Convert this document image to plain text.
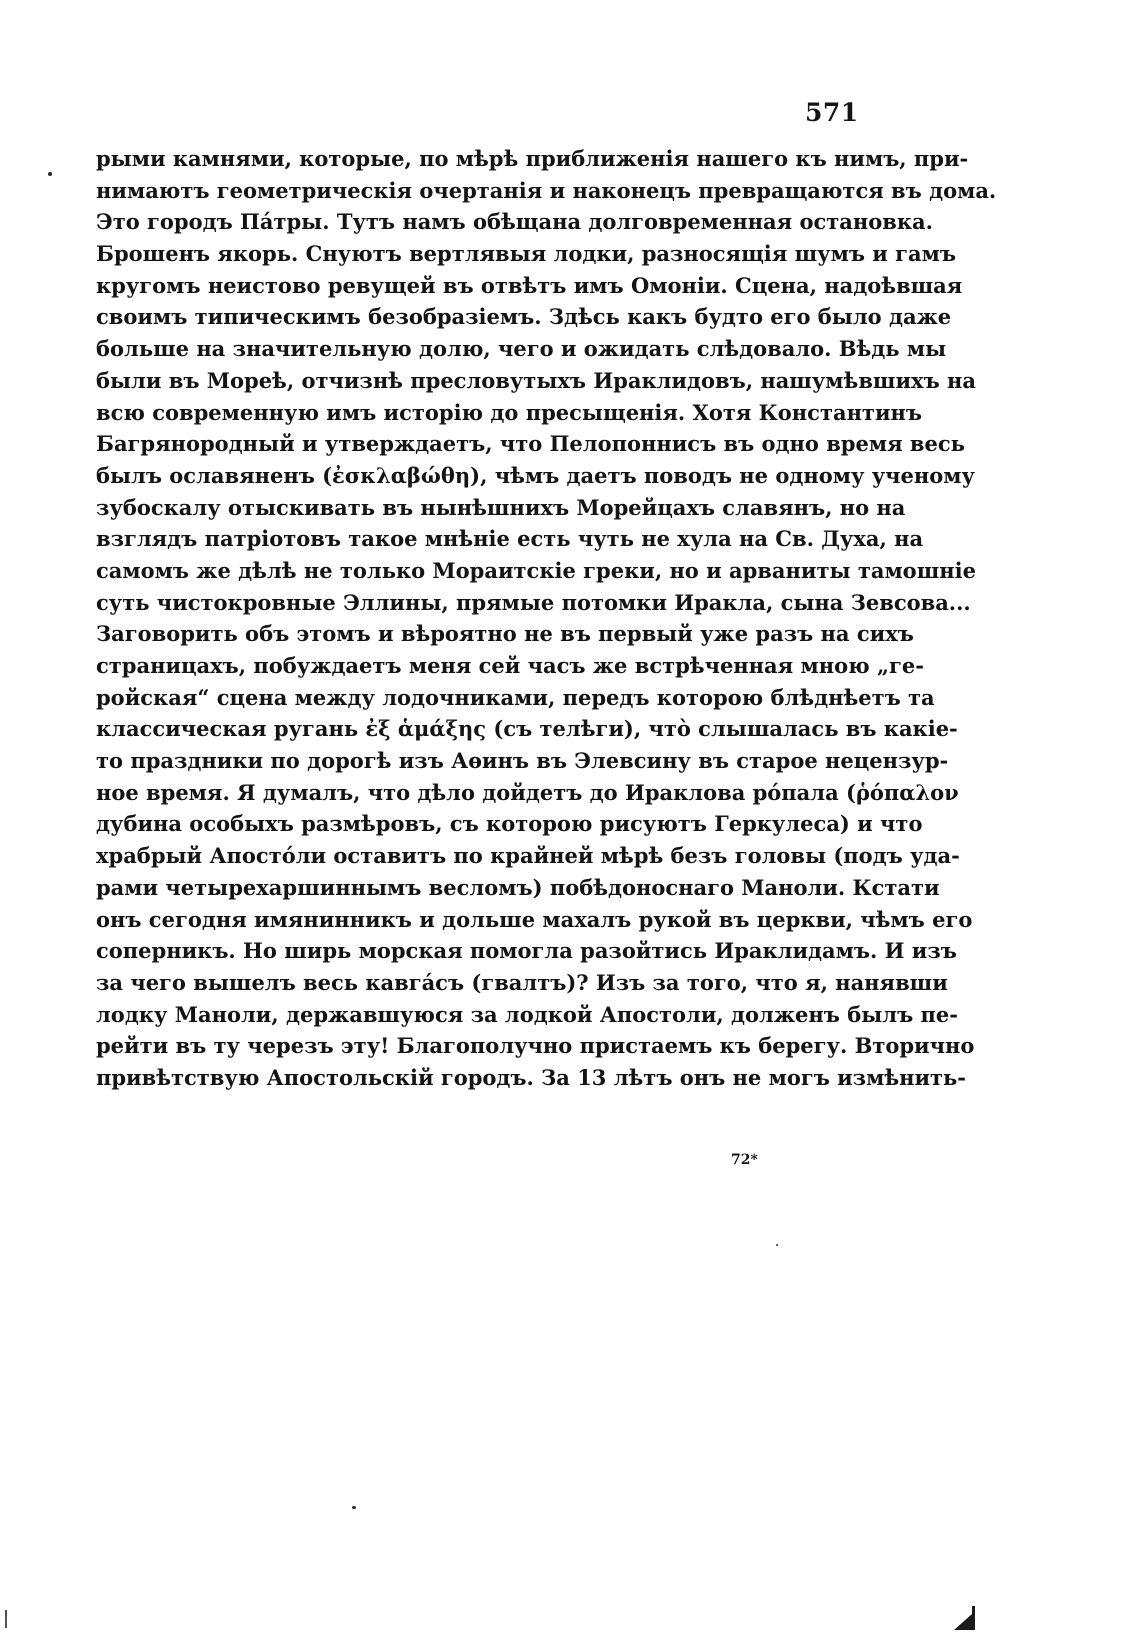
571
рыми камнями, которые, по мѣрѣ приближенія нашего къ нимъ, при-
нимаютъ геометрическія очертанія и наконецъ превращаются въ дома.
Это городъ Пáтры. Тутъ намъ обѣщана долговременная остановка.
Брошенъ якорь. Снуютъ вертлявыя лодки, разносящія шумъ и гамъ
кругомъ неистово ревущей въ отвѣтъ имъ Омоніи. Сцена, надоѣвшая
своимъ типическимъ безобразіемъ. Здѣсь какъ будто его было даже
больше на значительную долю, чего и ожидать слѣдовало. Вѣдь мы
были въ Мореѣ, отчизнѣ пресловутыхъ Ираклидовъ, нашумѣвшихъ на
всю современную имъ исторію до пресыщенія. Хотя Константинъ
Багрянородный и утверждаетъ, что Пелопоннисъ въ одно время весь
былъ ославяненъ (ἐσκλαβώθη), чѣмъ даетъ поводъ не одному ученому
зубоскалу отыскивать въ нынѣшнихъ Морейцахъ славянъ, но на
взглядъ патріотовъ такое мнѣніе есть чуть не хула на Св. Духа, на
самомъ же дѣлѣ не только Мораитскіе греки, но и арваниты тамошніе
суть чистокровные Эллины, прямые потомки Иракла, сына Зевсова...
Заговорить объ этомъ и вѣроятно не въ первый уже разъ на сихъ
страницахъ, побуждаетъ меня сей часъ же встрѣченная мною „ге-
ройская“ сцена между лодочниками, передъ которою блѣднѣетъ та
классическая ругань ἐξ ἁμάξης (съ телѣги), что̀ слышалась въ какіе-
то праздники по дорогѣ изъ Аѳинъ въ Элевсину въ старое нецензур-
ное время. Я думалъ, что дѣло дойдетъ до Ираклова рóпала (ῥόπαλον
дубина особыхъ размѣровъ, съ которою рисуютъ Геркулеса) и что
храбрый Апостóли оставитъ по крайней мѣрѣ безъ головы (подъ уда-
рами четырехаршиннымъ весломъ) побѣдоноснаго Маноли. Кстати
онъ сегодня имянинникъ и дольше махалъ рукой въ церкви, чѣмъ его
соперникъ. Но ширь морская помогла разойтись Ираклидамъ. И изъ
за чего вышелъ весь кавгáсъ (гвалтъ)? Изъ за того, что я, нанявши
лодку Маноли, державшуюся за лодкой Апостоли, долженъ былъ пе-
рейти въ ту черезъ эту! Благополучно пристаемъ къ берегу. Вторично
привѣтствую Апостольскій городъ. За 13 лѣтъ онъ не могъ измѣнить-
72*
